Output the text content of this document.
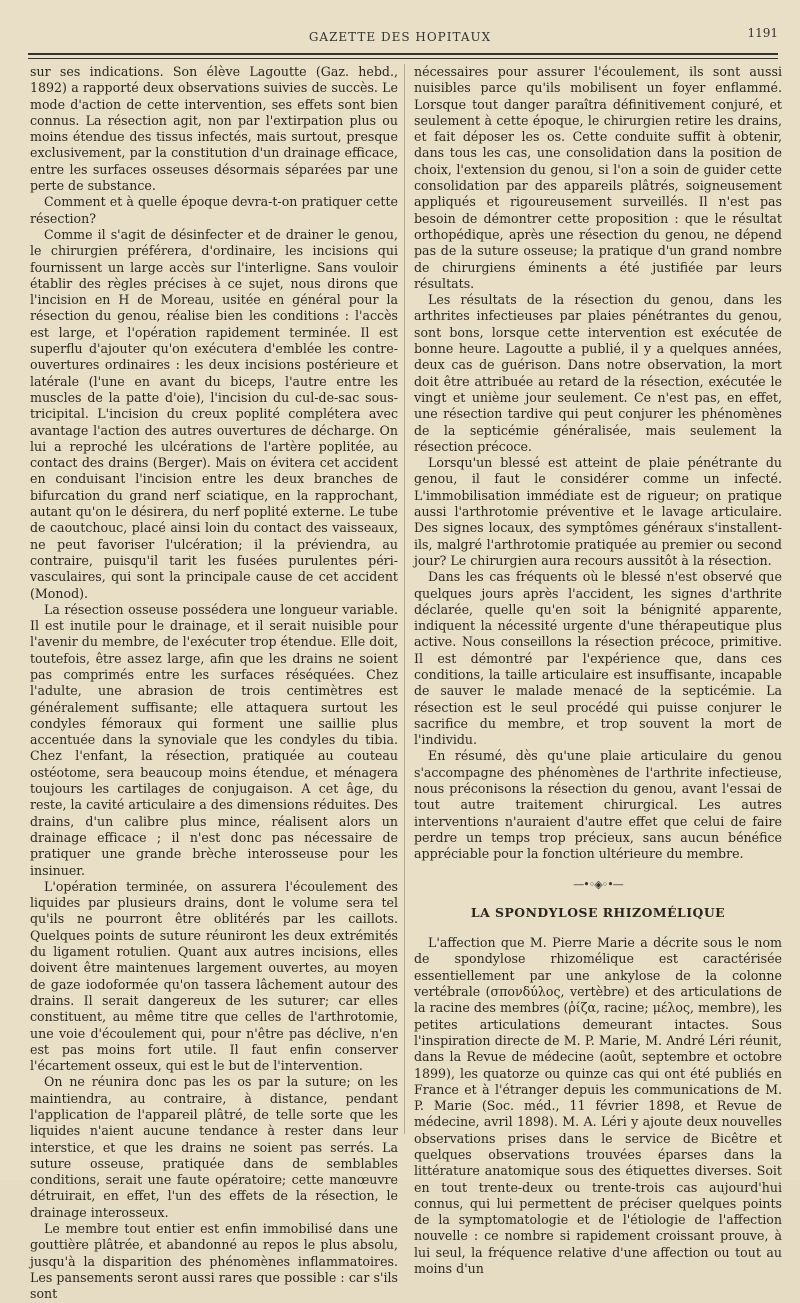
GAZETTE DES HOPITAUX	1191

sur ses indications. Son élève Lagoutte (Gaz. hebd., 1892) a rapporté deux observations suivies de succès. Le mode d'action de cette intervention, ses effets sont bien connus. La résection agit, non par l'extirpation plus ou moins étendue des tissus infectés, mais surtout, presque exclusivement, par la constitution d'un drainage efficace, entre les surfaces osseuses désormais séparées par une perte de substance.

Comment et à quelle époque devra-t-on pratiquer cette résection?

Comme il s'agit de désinfecter et de drainer le genou, le chirurgien préférera, d'ordinaire, les incisions qui fournissent un large accès sur l'interligne. Sans vouloir établir des règles précises à ce sujet, nous dirons que l'incision en H de Moreau, usitée en général pour la résection du genou, réalise bien les conditions : l'accès est large, et l'opération rapidement terminée. Il est superflu d'ajouter qu'on exécutera d'emblée les contre-ouvertures ordinaires : les deux incisions postérieure et latérale (l'une en avant du biceps, l'autre entre les muscles de la patte d'oie), l'incision du cul-de-sac sous-tricipital. L'incision du creux poplité complétera avec avantage l'action des autres ouvertures de décharge. On lui a reproché les ulcérations de l'artère poplitée, au contact des drains (Berger). Mais on évitera cet accident en conduisant l'incision entre les deux branches de bifurcation du grand nerf sciatique, en la rapprochant, autant qu'on le désirera, du nerf poplité externe. Le tube de caoutchouc, placé ainsi loin du contact des vaisseaux, ne peut favoriser l'ulcération; il la préviendra, au contraire, puisqu'il tarit les fusées purulentes péri-vasculaires, qui sont la principale cause de cet accident (Monod).

La résection osseuse possédera une longueur variable. Il est inutile pour le drainage, et il serait nuisible pour l'avenir du membre, de l'exécuter trop étendue. Elle doit, toutefois, être assez large, afin que les drains ne soient pas comprimés entre les surfaces réséquées. Chez l'adulte, une abrasion de trois centimètres est généralement suffisante; elle attaquera surtout les condyles fémoraux qui forment une saillie plus accentuée dans la synoviale que les condyles du tibia. Chez l'enfant, la résection, pratiquée au couteau ostéotome, sera beaucoup moins étendue, et ménagera toujours les cartilages de conjugaison. A cet âge, du reste, la cavité articulaire a des dimensions réduites. Des drains, d'un calibre plus mince, réalisent alors un drainage efficace ; il n'est donc pas nécessaire de pratiquer une grande brèche interosseuse pour les insinuer.

L'opération terminée, on assurera l'écoulement des liquides par plusieurs drains, dont le volume sera tel qu'ils ne pourront être oblitérés par les caillots. Quelques points de suture réuniront les deux extrémités du ligament rotulien. Quant aux autres incisions, elles doivent être maintenues largement ouvertes, au moyen de gaze iodoformée qu'on tassera lâchement autour des drains. Il serait dangereux de les suturer; car elles constituent, au même titre que celles de l'arthrotomie, une voie d'écoulement qui, pour n'être pas déclive, n'en est pas moins fort utile. Il faut enfin conserver l'écartement osseux, qui est le but de l'intervention.

On ne réunira donc pas les os par la suture; on les maintiendra, au contraire, à distance, pendant l'application de l'appareil plâtré, de telle sorte que les liquides n'aient aucune tendance à rester dans leur interstice, et que les drains ne soient pas serrés. La suture osseuse, pratiquée dans de semblables conditions, serait une faute opératoire; cette manœuvre détruirait, en effet, l'un des effets de la résection, le drainage interosseux.

Le membre tout entier est enfin immobilisé dans une gouttière plâtrée, et abandonné au repos le plus absolu, jusqu'à la disparition des phénomènes inflammatoires. Les pansements seront aussi rares que possible : car s'ils sont

nécessaires pour assurer l'écoulement, ils sont aussi nuisibles parce qu'ils mobilisent un foyer enflammé. Lorsque tout danger paraîtra définitivement conjuré, et seulement à cette époque, le chirurgien retire les drains, et fait déposer les os. Cette conduite suffit à obtenir, dans tous les cas, une consolidation dans la position de choix, l'extension du genou, si l'on a soin de guider cette consolidation par des appareils plâtrés, soigneusement appliqués et rigoureusement surveillés. Il n'est pas besoin de démontrer cette proposition : que le résultat orthopédique, après une résection du genou, ne dépend pas de la suture osseuse; la pratique d'un grand nombre de chirurgiens éminents a été justifiée par leurs résultats.

Les résultats de la résection du genou, dans les arthrites infectieuses par plaies pénétrantes du genou, sont bons, lorsque cette intervention est exécutée de bonne heure. Lagoutte a publié, il y a quelques années, deux cas de guérison. Dans notre observation, la mort doit être attribuée au retard de la résection, exécutée le vingt et unième jour seulement. Ce n'est pas, en effet, une résection tardive qui peut conjurer les phénomènes de la septicémie généralisée, mais seulement la résection précoce.

Lorsqu'un blessé est atteint de plaie pénétrante du genou, il faut le considérer comme un infecté. L'immobilisation immédiate est de rigueur; on pratique aussi l'arthrotomie préventive et le lavage articulaire. Des signes locaux, des symptômes généraux s'installent-ils, malgré l'arthrotomie pratiquée au premier ou second jour? Le chirurgien aura recours aussitôt à la résection.

Dans les cas fréquents où le blessé n'est observé que quelques jours après l'accident, les signes d'arthrite déclarée, quelle qu'en soit la bénignité apparente, indiquent la nécessité urgente d'une thérapeutique plus active. Nous conseillons la résection précoce, primitive. Il est démontré par l'expérience que, dans ces conditions, la taille articulaire est insuffisante, incapable de sauver le malade menacé de la septicémie. La résection est le seul procédé qui puisse conjurer le sacrifice du membre, et trop souvent la mort de l'individu.

En résumé, dès qu'une plaie articulaire du genou s'accompagne des phénomènes de l'arthrite infectieuse, nous préconisons la résection du genou, avant l'essai de tout autre traitement chirurgical. Les autres interventions n'auraient d'autre effet que celui de faire perdre un temps trop précieux, sans aucun bénéfice appréciable pour la fonction ultérieure du membre.

—•◦◈◦•—
LA SPONDYLOSE RHIZOMÉLIQUE

L'affection que M. Pierre Marie a décrite sous le nom de spondylose rhizomélique est caractérisée essentiellement par une ankylose de la colonne vertébrale (σπονδύλος, vertèbre) et des articulations de la racine des membres (ῥίζα, racine; μέλος, membre), les petites articulations demeurant intactes. Sous l'inspiration directe de M. P. Marie, M. André Léri réunit, dans la Revue de médecine (août, septembre et octobre 1899), les quatorze ou quinze cas qui ont été publiés en France et à l'étranger depuis les communications de M. P. Marie (Soc. méd., 11 février 1898, et Revue de médecine, avril 1898). M. A. Léri y ajoute deux nouvelles observations prises dans le service de Bicêtre et quelques observations trouvées éparses dans la littérature anatomique sous des étiquettes diverses. Soit en tout trente-deux ou trente-trois cas aujourd'hui connus, qui lui permettent de préciser quelques points de la symptomatologie et de l'étiologie de l'affection nouvelle : ce nombre si rapidement croissant prouve, à lui seul, la fréquence relative d'une affection ou tout au moins d'un
